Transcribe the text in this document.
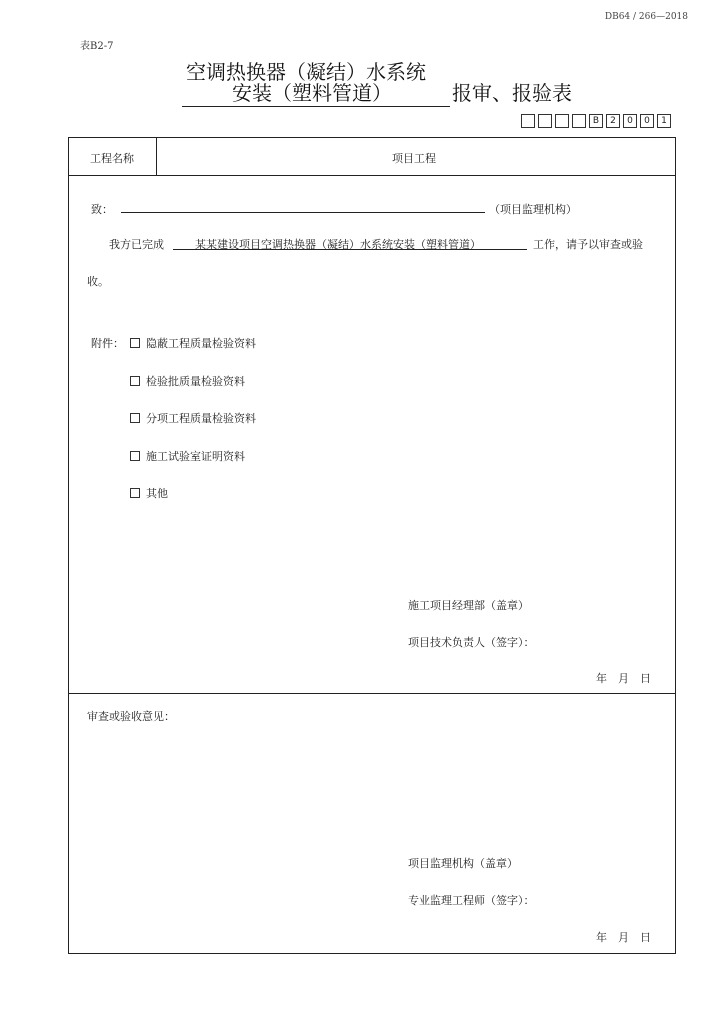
DB64 / 266—2018
表B2-7
空调热换器（凝结）水系统
安装（塑料管道）	报审、报验表
B	2	0	0	1
工程名称	项目工程
致：	（项目监理机构）
我方已完成	某某建设项目空调热换器（凝结）水系统安装（塑料管道）	工作，请予以审查或验
收。
附件：	隐蔽工程质量检验资料
检验批质量检验资料
分项工程质量检验资料
施工试验室证明资料
其他
施工项目经理部（盖章）
项目技术负责人（签字）：
年　月　日
审查或验收意见：
项目监理机构（盖章）
专业监理工程师（签字）：
年　月　日
